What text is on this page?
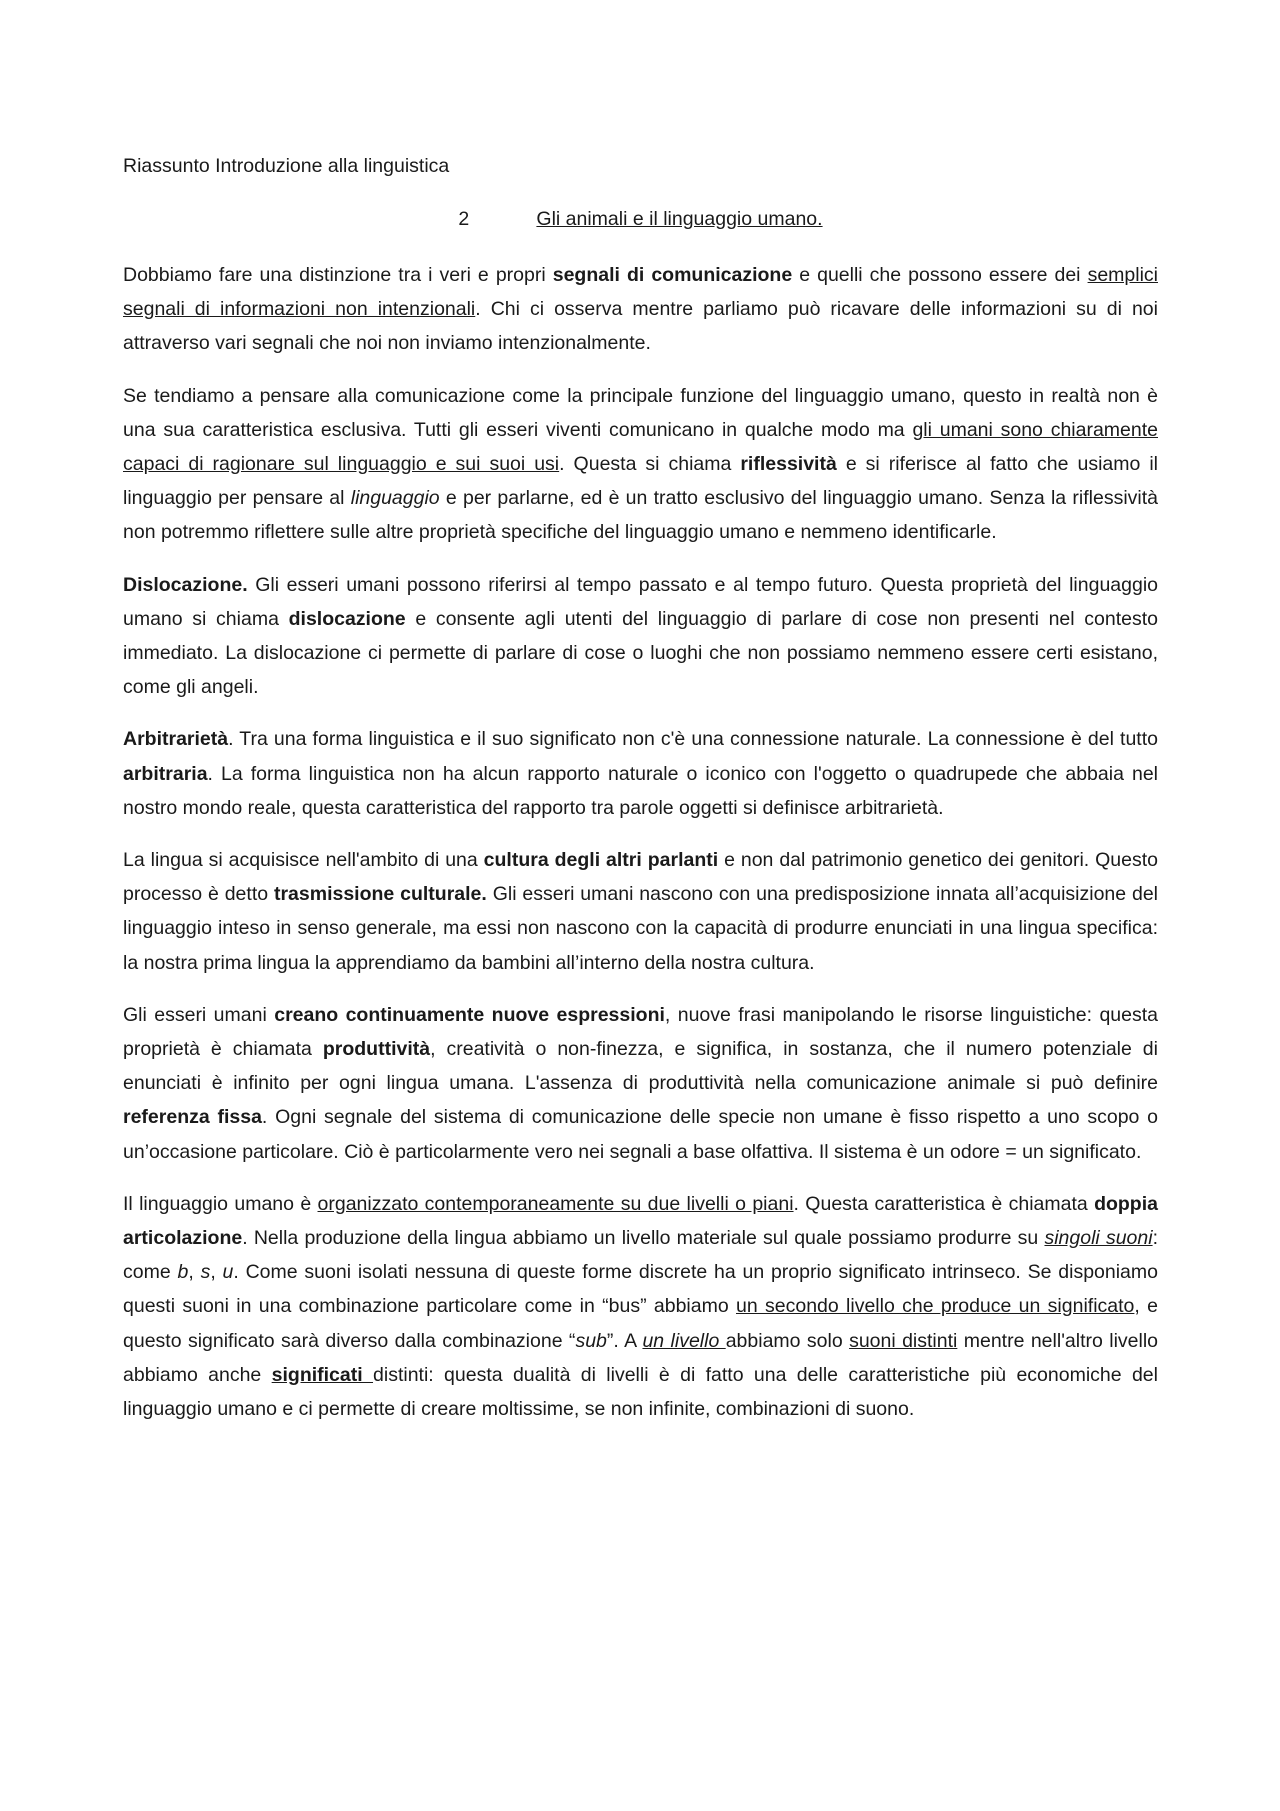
Riassunto Introduzione alla linguistica
2	Gli animali e il linguaggio umano.

Dobbiamo fare una distinzione tra i veri e propri segnali di comunicazione e quelli che possono essere dei semplici segnali di informazioni non intenzionali. Chi ci osserva mentre parliamo può ricavare delle informazioni su di noi attraverso vari segnali che noi non inviamo intenzionalmente.

Se tendiamo a pensare alla comunicazione come la principale funzione del linguaggio umano, questo in realtà non è una sua caratteristica esclusiva. Tutti gli esseri viventi comunicano in qualche modo ma gli umani sono chiaramente capaci di ragionare sul linguaggio e sui suoi usi. Questa si chiama riflessività e si riferisce al fatto che usiamo il linguaggio per pensare al linguaggio e per parlarne, ed è un tratto esclusivo del linguaggio umano. Senza la riflessività non potremmo riflettere sulle altre proprietà specifiche del linguaggio umano e nemmeno identificarle.

Dislocazione. Gli esseri umani possono riferirsi al tempo passato e al tempo futuro. Questa proprietà del linguaggio umano si chiama dislocazione e consente agli utenti del linguaggio di parlare di cose non presenti nel contesto immediato. La dislocazione ci permette di parlare di cose o luoghi che non possiamo nemmeno essere certi esistano, come gli angeli.

Arbitrarietà. Tra una forma linguistica e il suo significato non c'è una connessione naturale. La connessione è del tutto arbitraria. La forma linguistica non ha alcun rapporto naturale o iconico con l'oggetto o quadrupede che abbaia nel nostro mondo reale, questa caratteristica del rapporto tra parole oggetti si definisce arbitrarietà.

La lingua si acquisisce nell'ambito di una cultura degli altri parlanti e non dal patrimonio genetico dei genitori. Questo processo è detto trasmissione culturale. Gli esseri umani nascono con una predisposizione innata all’acquisizione del linguaggio inteso in senso generale, ma essi non nascono con la capacità di produrre enunciati in una lingua specifica: la nostra prima lingua la apprendiamo da bambini all’interno della nostra cultura.

Gli esseri umani creano continuamente nuove espressioni, nuove frasi manipolando le risorse linguistiche: questa proprietà è chiamata produttività, creatività o non-finezza, e significa, in sostanza, che il numero potenziale di enunciati è infinito per ogni lingua umana. L'assenza di produttività nella comunicazione animale si può definire referenza fissa. Ogni segnale del sistema di comunicazione delle specie non umane è fisso rispetto a uno scopo o un’occasione particolare. Ciò è particolarmente vero nei segnali a base olfattiva. Il sistema è un odore = un significato.

Il linguaggio umano è organizzato contemporaneamente su due livelli o piani. Questa caratteristica è chiamata doppia articolazione. Nella produzione della lingua abbiamo un livello materiale sul quale possiamo produrre su singoli suoni: come b, s, u. Come suoni isolati nessuna di queste forme discrete ha un proprio significato intrinseco. Se disponiamo questi suoni in una combinazione particolare come in “bus” abbiamo un secondo livello che produce un significato, e questo significato sarà diverso dalla combinazione “sub”. A un livello abbiamo solo suoni distinti mentre nell'altro livello abbiamo anche significati distinti: questa dualità di livelli è di fatto una delle caratteristiche più economiche del linguaggio umano e ci permette di creare moltissime, se non infinite, combinazioni di suono.
